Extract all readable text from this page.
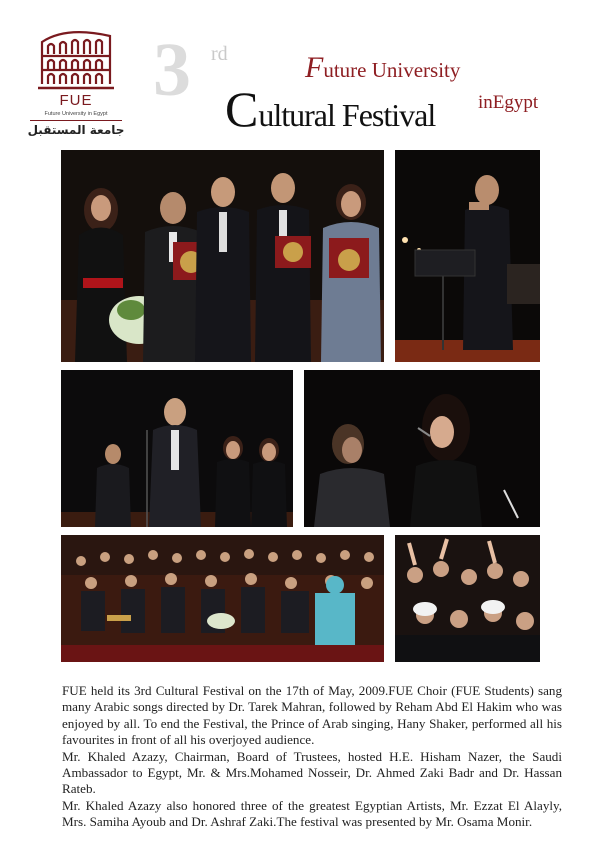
FUE
Future University in Egypt
جامعة المستقبل
3 rd
Cultural Festival
Future University
inEgypt

FUE held its 3rd Cultural Festival on the 17th of May, 2009.FUE Choir (FUE Students) sang many Arabic songs directed by Dr. Tarek Mahran, followed by Reham Abd El Hakim who was enjoyed by all. To end the Festival, the Prince of Arab singing, Hany Shaker, performed all his favourites in front of all his overjoyed audience.

Mr. Khaled Azazy, Chairman, Board of Trustees, hosted H.E. Hisham Nazer, the Saudi Ambassador to Egypt, Mr. & Mrs.Mohamed Nosseir, Dr. Ahmed Zaki Badr and Dr. Hassan Rateb.

Mr. Khaled Azazy also honored three of the greatest Egyptian Artists, Mr. Ezzat El Alayly, Mrs. Samiha Ayoub and Dr. Ashraf Zaki.The festival was presented by Mr. Osama Monir.
